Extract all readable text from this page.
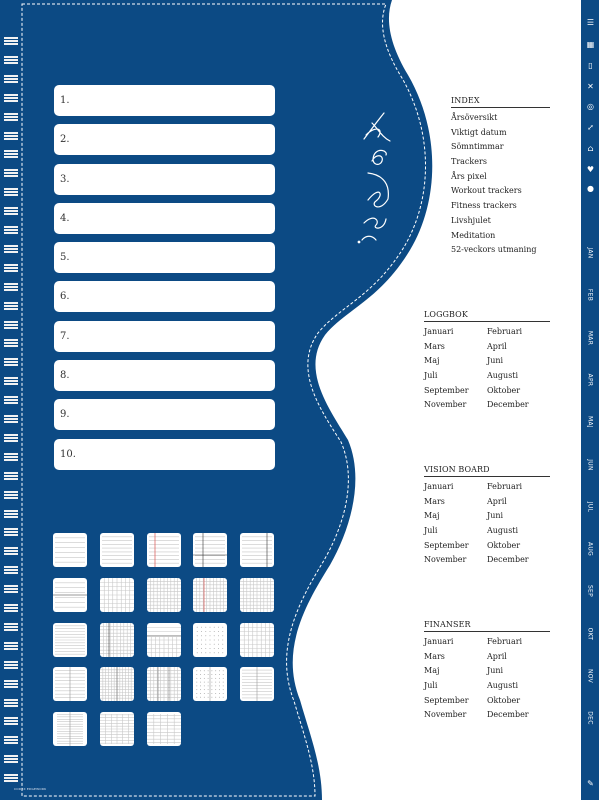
1.
2.
3.
4.
5.
6.
7.
8.
9.
10.
CODEX EDGEWORK
INDEX
Årsöversikt
Viktigt datum
Sömntimmar
Trackers
Års pixel
Workout trackers
Fitness trackers
Livshjulet
Meditation
52-veckors utmaning
LOGGBOK
Januari	Februari
Mars	April
Maj	Juni
Juli	Augusti
September	Oktober
November	December
VISION BOARD
Januari	Februari
Mars	April
Maj	Juni
Juli	Augusti
September	Oktober
November	December
FINANSER
Januari	Februari
Mars	April
Maj	Juni
Juli	Augusti
September	Oktober
November	December
☰
▦
▯
✕
◎
⤢
⌂
♥
●
JAN
FEB
MAR
APR
MAJ
JUN
JUL
AUG
SEP
OKT
NOV
DEC
✎
